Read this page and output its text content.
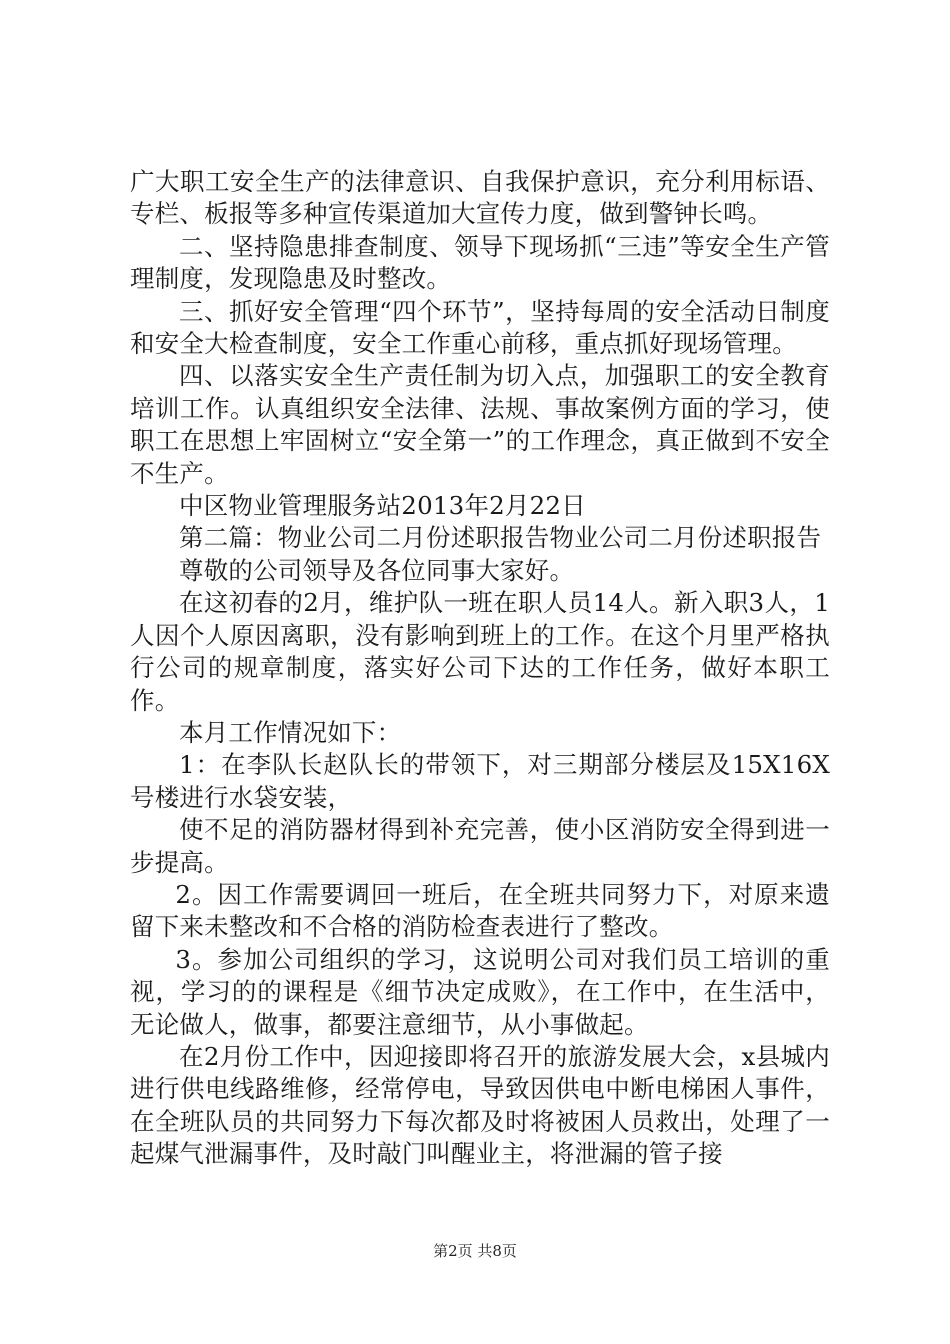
广大职工安全生产的法律意识、自我保护意识，充分利用标语、专栏、板报等多种宣传渠道加大宣传力度，做到警钟长鸣。

二、坚持隐患排查制度、领导下现场抓“三违”等安全生产管理制度，发现隐患及时整改。

三、抓好安全管理“四个环节”，坚持每周的安全活动日制度和安全大检查制度，安全工作重心前移，重点抓好现场管理。

四、以落实安全生产责任制为切入点，加强职工的安全教育培训工作。认真组织安全法律、法规、事故案例方面的学习，使职工在思想上牢固树立“安全第一”的工作理念，真正做到不安全不生产。

中区物业管理服务站2013年2月22日

第二篇：物业公司二月份述职报告物业公司二月份述职报告

尊敬的公司领导及各位同事大家好。

在这初春的2月，维护队一班在职人员14人。新入职3人，1人因个人原因离职，没有影响到班上的工作。在这个月里严格执行公司的规章制度，落实好公司下达的工作任务，做好本职工作。

本月工作情况如下：

1：在李队长赵队长的带领下，对三期部分楼层及15X16X号楼进行水袋安装，

使不足的消防器材得到补充完善，使小区消防安全得到进一步提高。

2。因工作需要调回一班后，在全班共同努力下，对原来遗留下来未整改和不合格的消防检查表进行了整改。

3。参加公司组织的学习，这说明公司对我们员工培训的重视，学习的的课程是《细节决定成败》，在工作中，在生活中，无论做人，做事，都要注意细节，从小事做起。

在2月份工作中，因迎接即将召开的旅游发展大会，x县城内进行供电线路维修，经常停电，导致因供电中断电梯困人事件，在全班队员的共同努力下每次都及时将被困人员救出，处理了一起煤气泄漏事件，及时敲门叫醒业主，将泄漏的管子接

第2页 共8页
